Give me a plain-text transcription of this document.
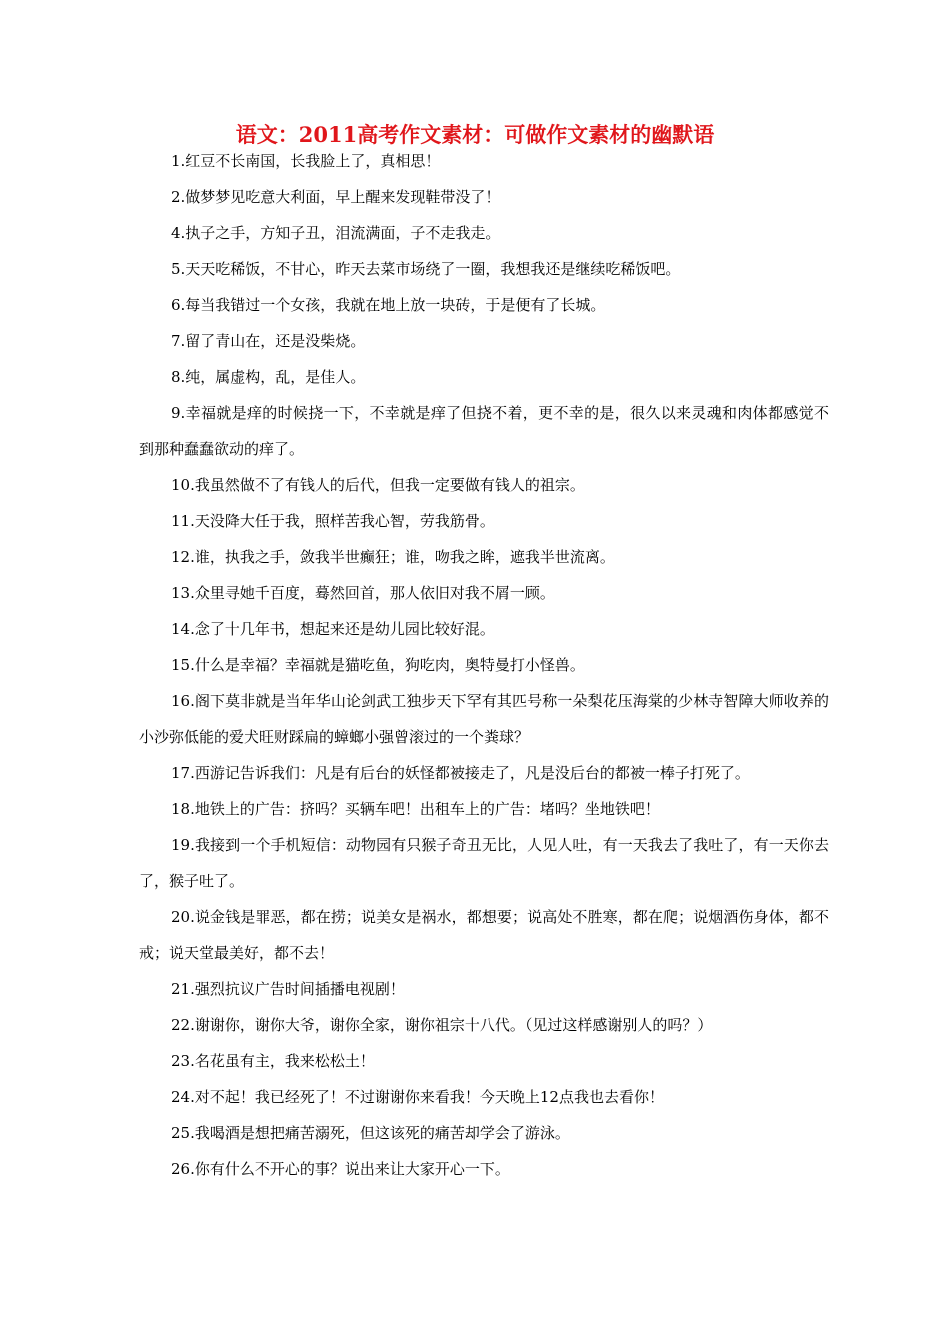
语文：2011高考作文素材：可做作文素材的幽默语
1.红豆不长南国，长我脸上了，真相思！
2.做梦梦见吃意大利面，早上醒来发现鞋带没了！
4.执子之手，方知子丑，泪流满面，子不走我走。
5.天天吃稀饭，不甘心，昨天去菜市场绕了一圈，我想我还是继续吃稀饭吧。
6.每当我错过一个女孩，我就在地上放一块砖，于是便有了长城。
7.留了青山在，还是没柴烧。
8.纯，属虚构，乱，是佳人。
9.幸福就是痒的时候挠一下，不幸就是痒了但挠不着，更不幸的是，很久以来灵魂和肉体都感觉不到那种蠢蠢欲动的痒了。
10.我虽然做不了有钱人的后代，但我一定要做有钱人的祖宗。
11.天没降大任于我，照样苦我心智，劳我筋骨。
12.谁，执我之手，敛我半世癫狂；谁，吻我之眸，遮我半世流离。
13.众里寻她千百度，蓦然回首，那人依旧对我不屑一顾。
14.念了十几年书，想起来还是幼儿园比较好混。
15.什么是幸福？幸福就是猫吃鱼，狗吃肉，奥特曼打小怪兽。
16.阁下莫非就是当年华山论剑武工独步天下罕有其匹号称一朵梨花压海棠的少林寺智障大师收养的小沙弥低能的爱犬旺财踩扁的蟑螂小强曾滚过的一个粪球？
17.西游记告诉我们：凡是有后台的妖怪都被接走了，凡是没后台的都被一棒子打死了。
18.地铁上的广告：挤吗？买辆车吧！出租车上的广告：堵吗？坐地铁吧！
19.我接到一个手机短信：动物园有只猴子奇丑无比，人见人吐，有一天我去了我吐了，有一天你去了，猴子吐了。
20.说金钱是罪恶，都在捞；说美女是祸水，都想要；说高处不胜寒，都在爬；说烟酒伤身体，都不戒；说天堂最美好，都不去！
21.强烈抗议广告时间插播电视剧！
22.谢谢你，谢你大爷，谢你全家，谢你祖宗十八代。（见过这样感谢别人的吗？）
23.名花虽有主，我来松松土！
24.对不起！我已经死了！不过谢谢你来看我！今天晚上12点我也去看你！
25.我喝酒是想把痛苦溺死，但这该死的痛苦却学会了游泳。
26.你有什么不开心的事？说出来让大家开心一下。
